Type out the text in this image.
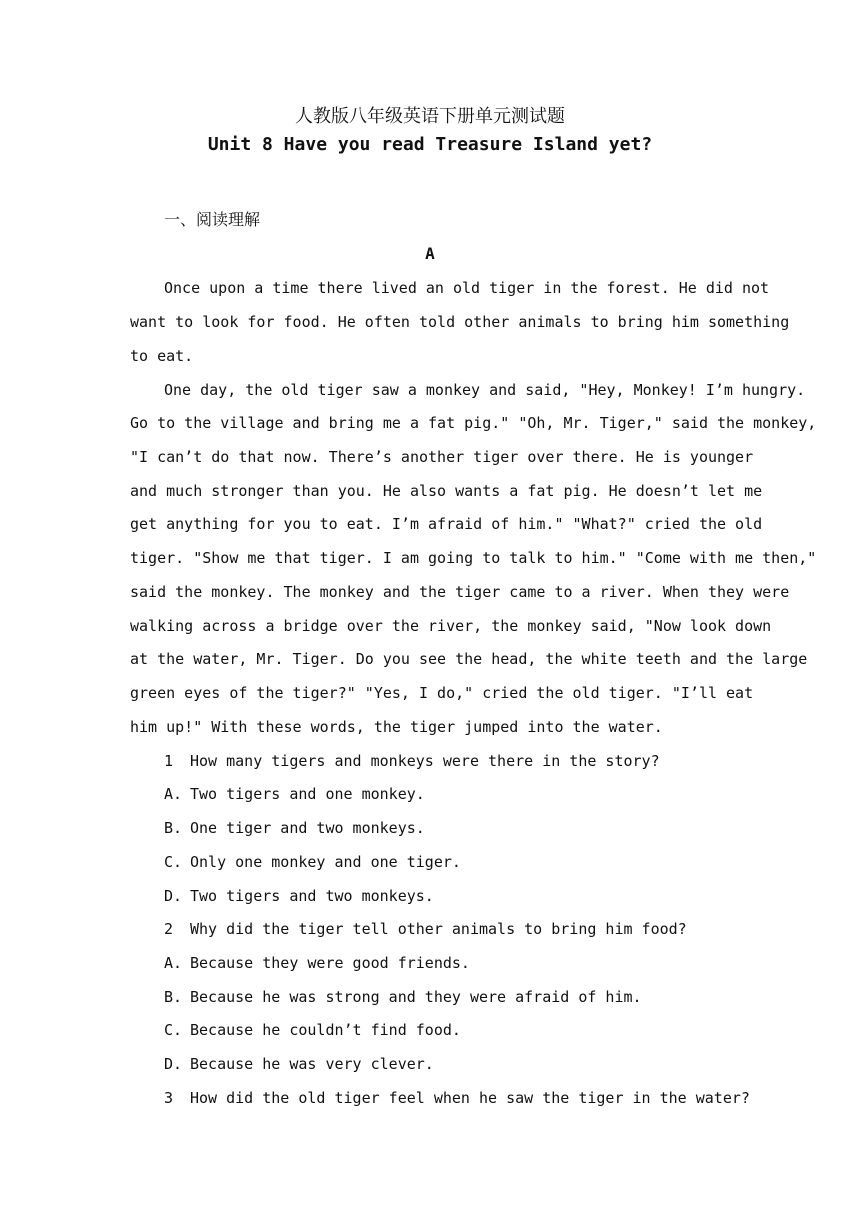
人教版八年级英语下册单元测试题
Unit 8 Have you read Treasure Island yet?
一、阅读理解
A
Once upon a time there lived an old tiger in the forest. He did not
want to look for food. He often told other animals to bring him something
to eat.
One day, the old tiger saw a monkey and said, "Hey, Monkey! I’m hungry.
Go to the village and bring me a fat pig." "Oh, Mr. Tiger," said the monkey,
"I can’t do that now. There’s another tiger over there. He is younger
and much stronger than you. He also wants a fat pig. He doesn’t let me
get anything for you to eat. I’m afraid of him." "What?" cried the old
tiger. "Show me that tiger. I am going to talk to him." "Come with me then,"
said the monkey. The monkey and the tiger came to a river. When they were
walking across a bridge over the river, the monkey said, "Now look down
at the water, Mr. Tiger. Do you see the head, the white teeth and the large
green eyes of the tiger?" "Yes, I do," cried the old tiger. "I’ll eat
him up!" With these words, the tiger jumped into the water.
1 How many tigers and monkeys were there in the story?
A. Two tigers and one monkey.
B. One tiger and two monkeys.
C. Only one monkey and one tiger.
D. Two tigers and two monkeys.
2 Why did the tiger tell other animals to bring him food?
A. Because they were good friends.
B. Because he was strong and they were afraid of him.
C. Because he couldn’t find food.
D. Because he was very clever.
3 How did the old tiger feel when he saw the tiger in the water?
